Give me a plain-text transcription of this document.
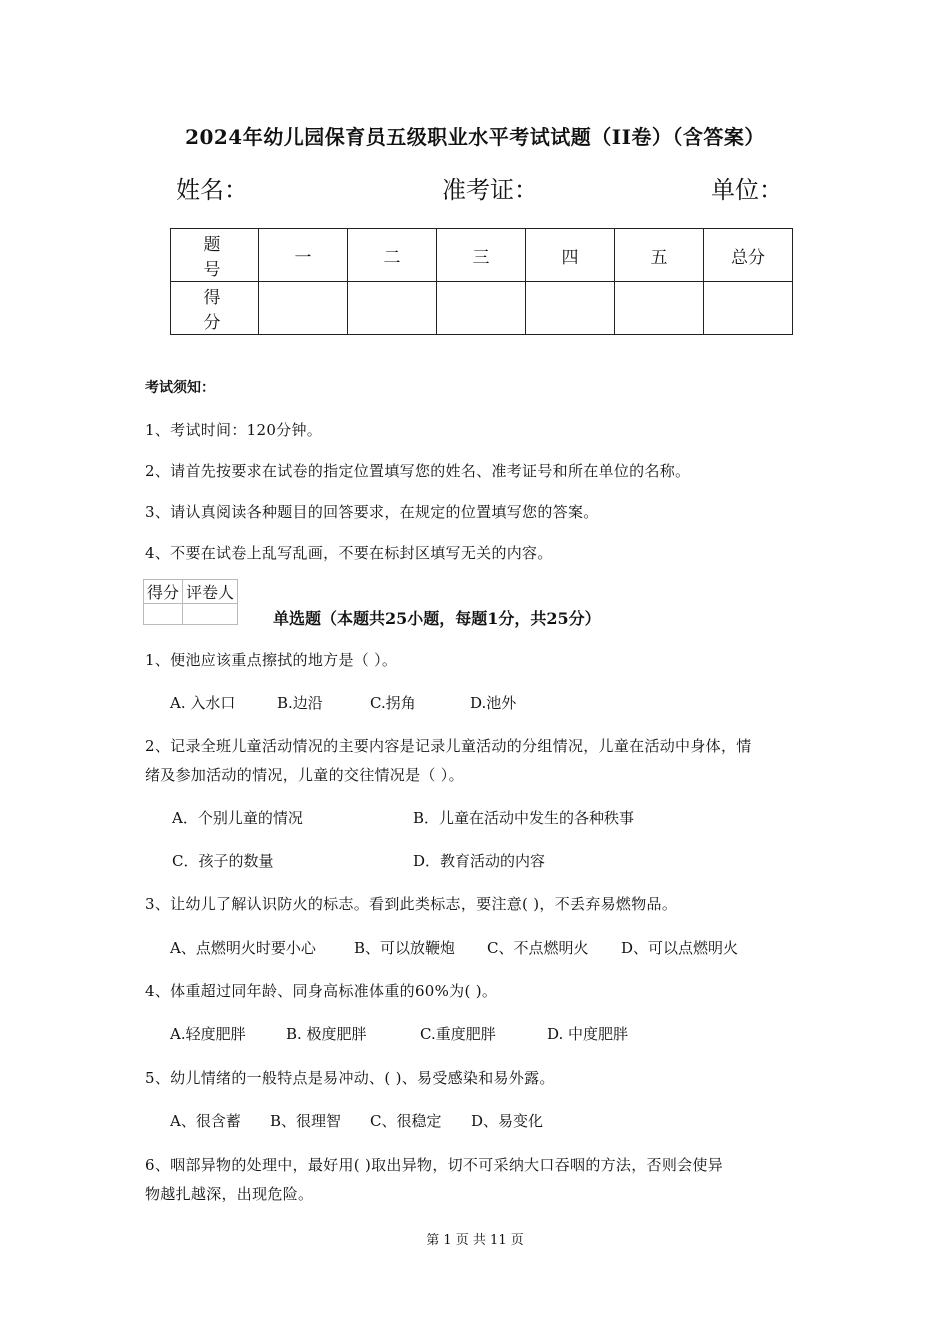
2024年幼儿园保育员五级职业水平考试试题（II卷）（含答案）
姓名：	准考证：	单位：
题 号	一	二	三	四	五	总分
得 分						
考试须知：
1、考试时间：120分钟。
2、请首先按要求在试卷的指定位置填写您的姓名、准考证号和所在单位的名称。
3、请认真阅读各种题目的回答要求，在规定的位置填写您的答案。
4、不要在试卷上乱写乱画，不要在标封区填写无关的内容。
得分	评卷人

单选题（本题共25小题，每题1分，共25分）
1、便池应该重点擦拭的地方是（ ）。
A. 入水口	B.边沿	C.拐角	D.池外
2、记录全班儿童活动情况的主要内容是记录儿童活动的分组情况，儿童在活动中身体，情
绪及参加活动的情况，儿童的交往情况是（ ）。
A．个别儿童的情况	B．儿童在活动中发生的各种秩事
C．孩子的数量	D．教育活动的内容
3、让幼儿了解认识防火的标志。看到此类标志，要注意( )，不丢弃易燃物品。
A、点燃明火时要小心	B、可以放鞭炮 C、不点燃明火 D、可以点燃明火
4、体重超过同年龄、同身高标准体重的60%为( )。
A.轻度肥胖	B. 极度肥胖	C.重度肥胖	D. 中度肥胖
5、幼儿情绪的一般特点是易冲动、( )、易受感染和易外露。
A、很含蓄 B、很理智 C、很稳定 D、易变化
6、咽部异物的处理中，最好用( )取出异物，切不可采纳大口吞咽的方法，否则会使异
物越扎越深，出现危险。
第 1 页 共 11 页
